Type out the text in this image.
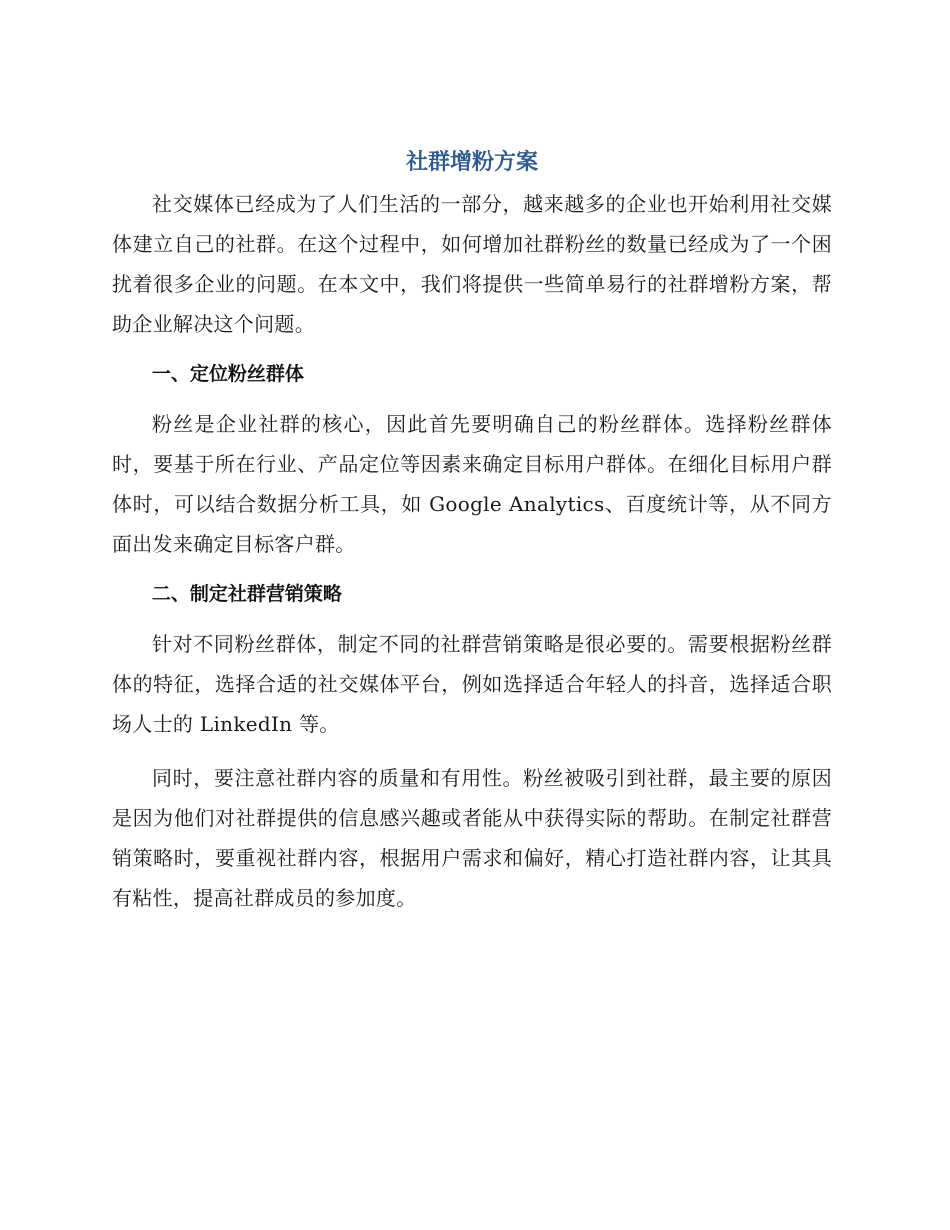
社群增粉方案

社交媒体已经成为了人们生活的一部分，越来越多的企业也开始利用社交媒体建立自己的社群。在这个过程中，如何增加社群粉丝的数量已经成为了一个困扰着很多企业的问题。在本文中，我们将提供一些简单易行的社群增粉方案，帮助企业解决这个问题。

一、定位粉丝群体

粉丝是企业社群的核心，因此首先要明确自己的粉丝群体。选择粉丝群体时，要基于所在行业、产品定位等因素来确定目标用户群体。在细化目标用户群体时，可以结合数据分析工具，如 Google Analytics、百度统计等，从不同方面出发来确定目标客户群。

二、制定社群营销策略

针对不同粉丝群体，制定不同的社群营销策略是很必要的。需要根据粉丝群体的特征，选择合适的社交媒体平台，例如选择适合年轻人的抖音，选择适合职场人士的 LinkedIn 等。

同时，要注意社群内容的质量和有用性。粉丝被吸引到社群，最主要的原因是因为他们对社群提供的信息感兴趣或者能从中获得实际的帮助。在制定社群营销策略时，要重视社群内容，根据用户需求和偏好，精心打造社群内容，让其具有粘性，提高社群成员的参加度。
